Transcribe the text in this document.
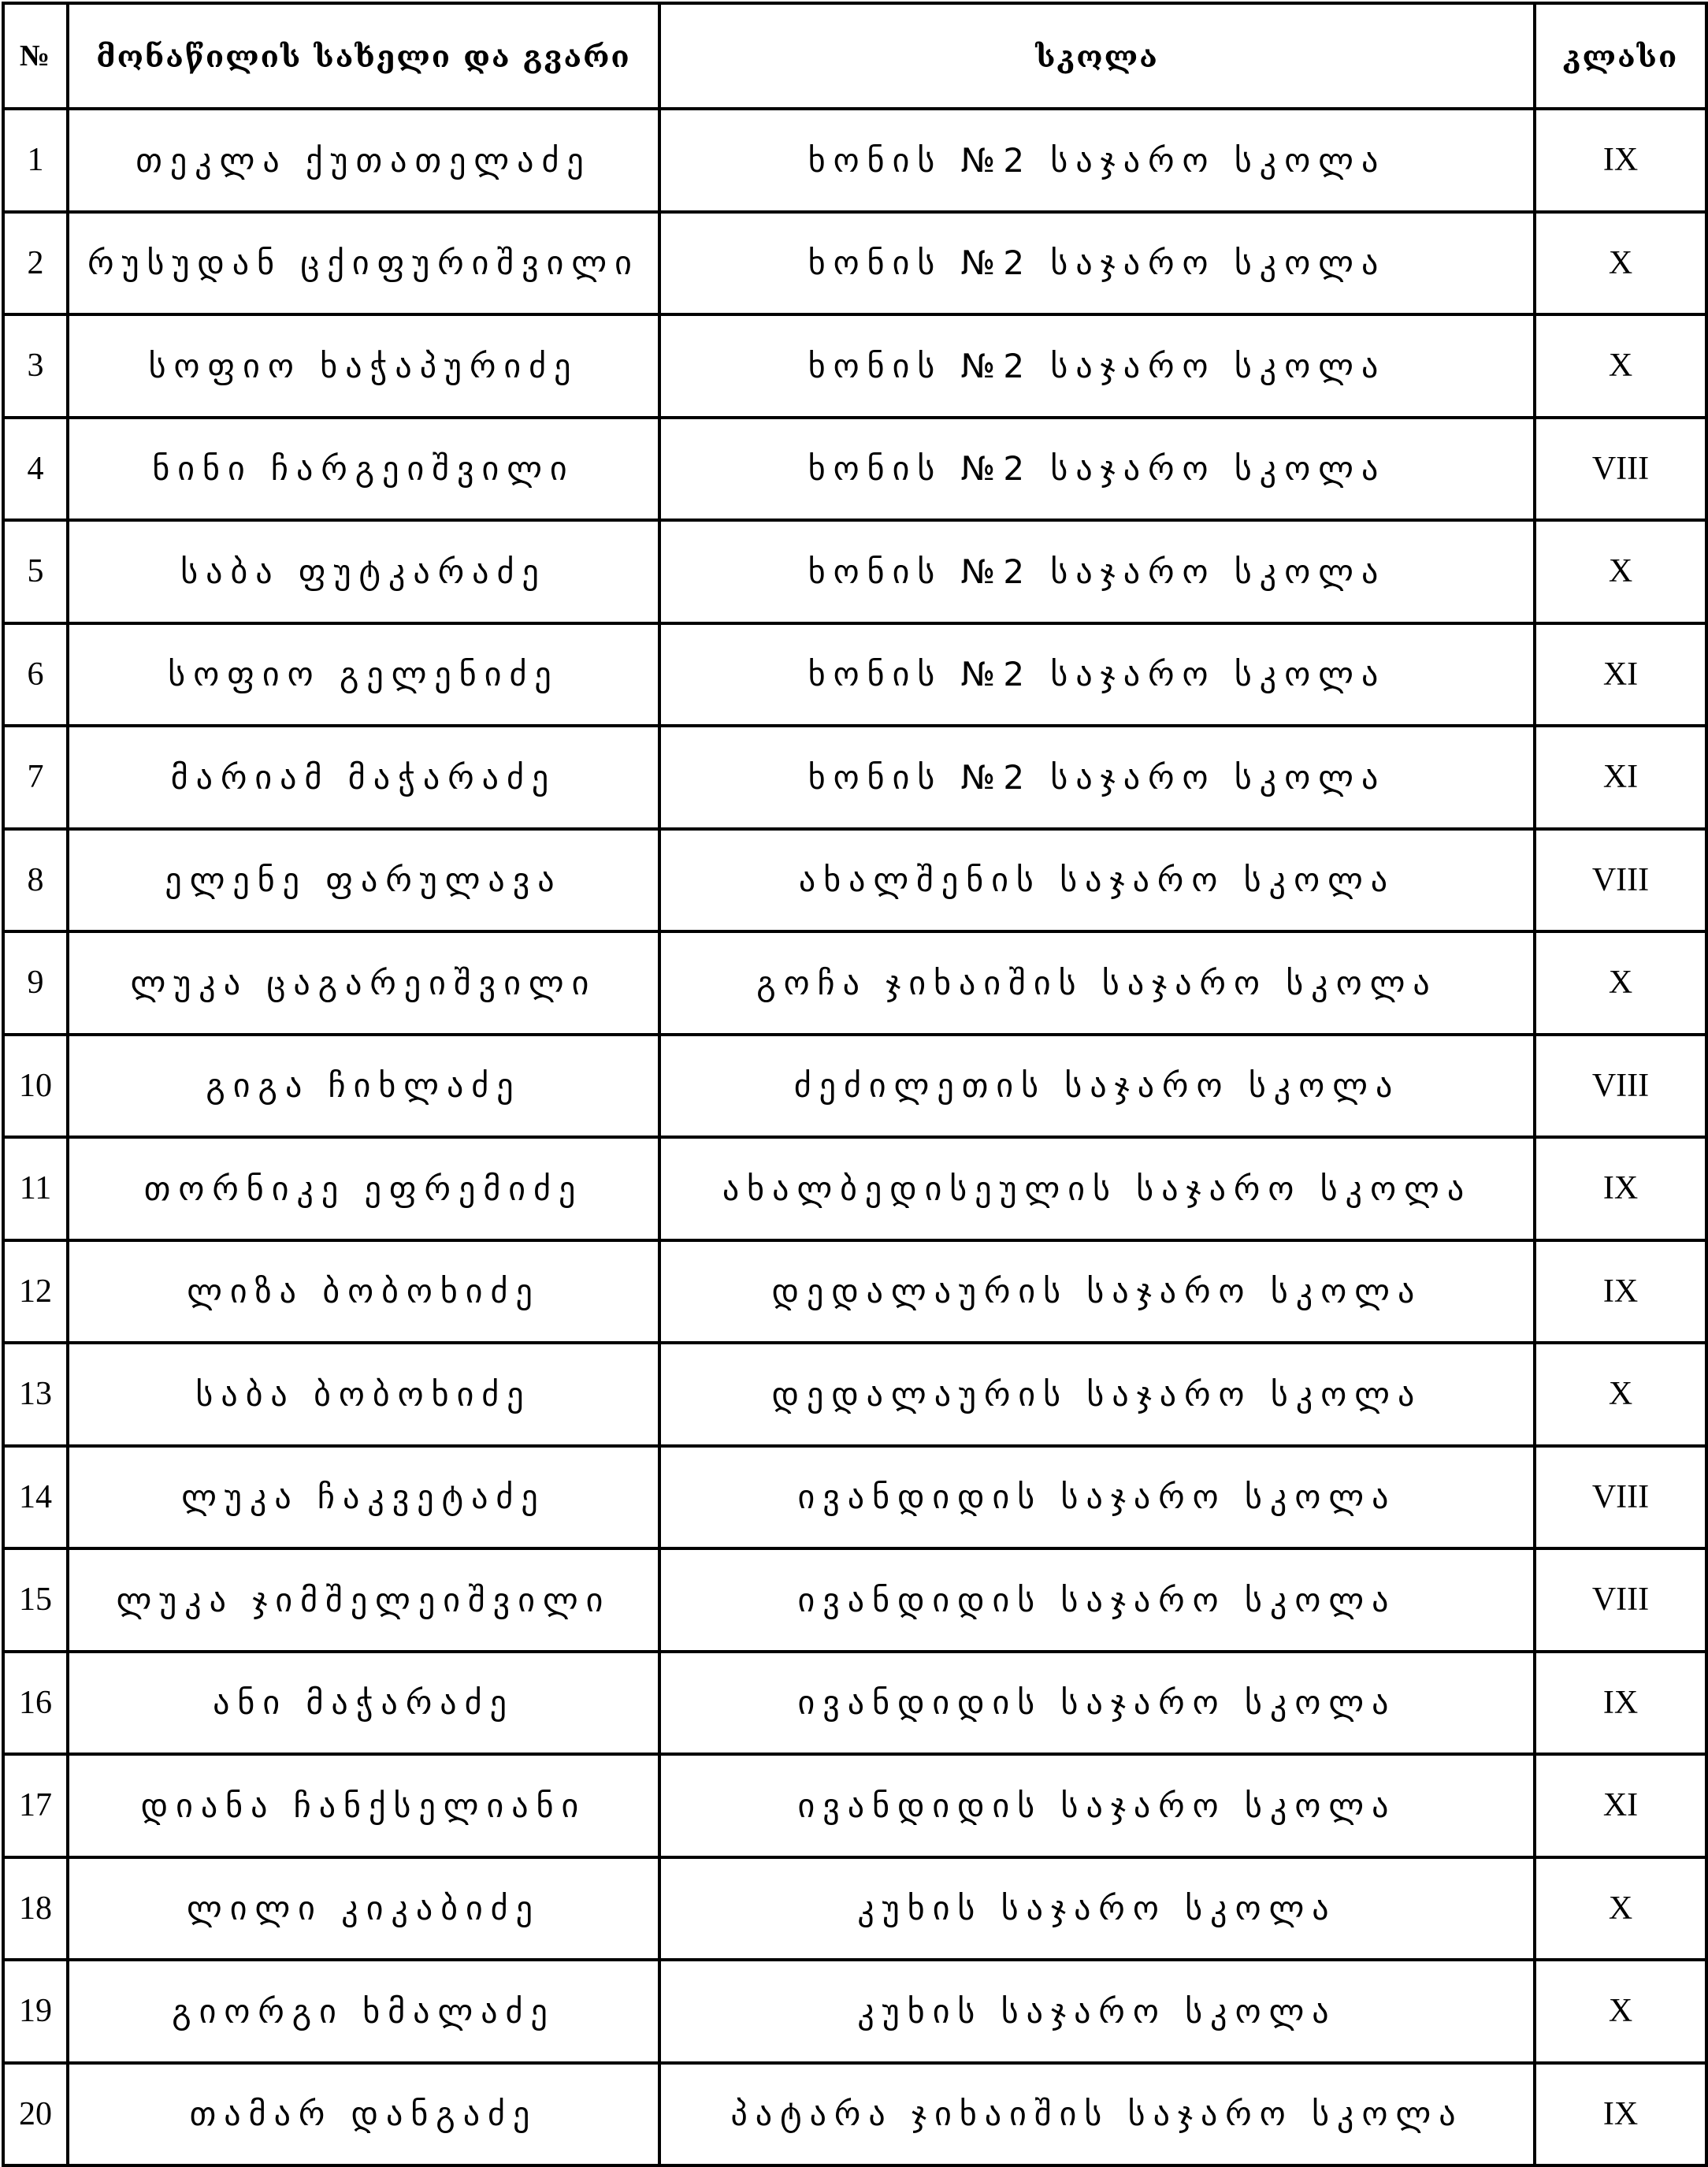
№	მონაწილის სახელი და გვარი	სკოლა	კლასი
1	თეკლა ქუთათელაძე	ხონის №2 საჯარო სკოლა	IX
2	რუსუდან ცქიფურიშვილი	ხონის №2 საჯარო სკოლა	X
3	სოფიო ხაჭაპურიძე	ხონის №2 საჯარო სკოლა	X
4	ნინი ჩარგეიშვილი	ხონის №2 საჯარო სკოლა	VIII
5	საბა ფუტკარაძე	ხონის №2 საჯარო სკოლა	X
6	სოფიო გელენიძე	ხონის №2 საჯარო სკოლა	XI
7	მარიამ მაჭარაძე	ხონის №2 საჯარო სკოლა	XI
8	ელენე ფარულავა	ახალშენის საჯარო სკოლა	VIII
9	ლუკა ცაგარეიშვილი	გოჩა ჯიხაიშის საჯარო სკოლა	X
10	გიგა ჩიხლაძე	ძეძილეთის საჯარო სკოლა	VIII
11	თორნიკე ეფრემიძე	ახალბედისეულის საჯარო სკოლა	IX
12	ლიზა ბობოხიძე	დედალაურის საჯარო სკოლა	IX
13	საბა ბობოხიძე	დედალაურის საჯარო სკოლა	X
14	ლუკა ჩაკვეტაძე	ივანდიდის საჯარო სკოლა	VIII
15	ლუკა ჯიმშელეიშვილი	ივანდიდის საჯარო სკოლა	VIII
16	ანი მაჭარაძე	ივანდიდის საჯარო სკოლა	IX
17	დიანა ჩანქსელიანი	ივანდიდის საჯარო სკოლა	XI
18	ლილი კიკაბიძე	კუხის საჯარო სკოლა	X
19	გიორგი ხმალაძე	კუხის საჯარო სკოლა	X
20	თამარ დანგაძე	პატარა ჯიხაიშის საჯარო სკოლა	IX
